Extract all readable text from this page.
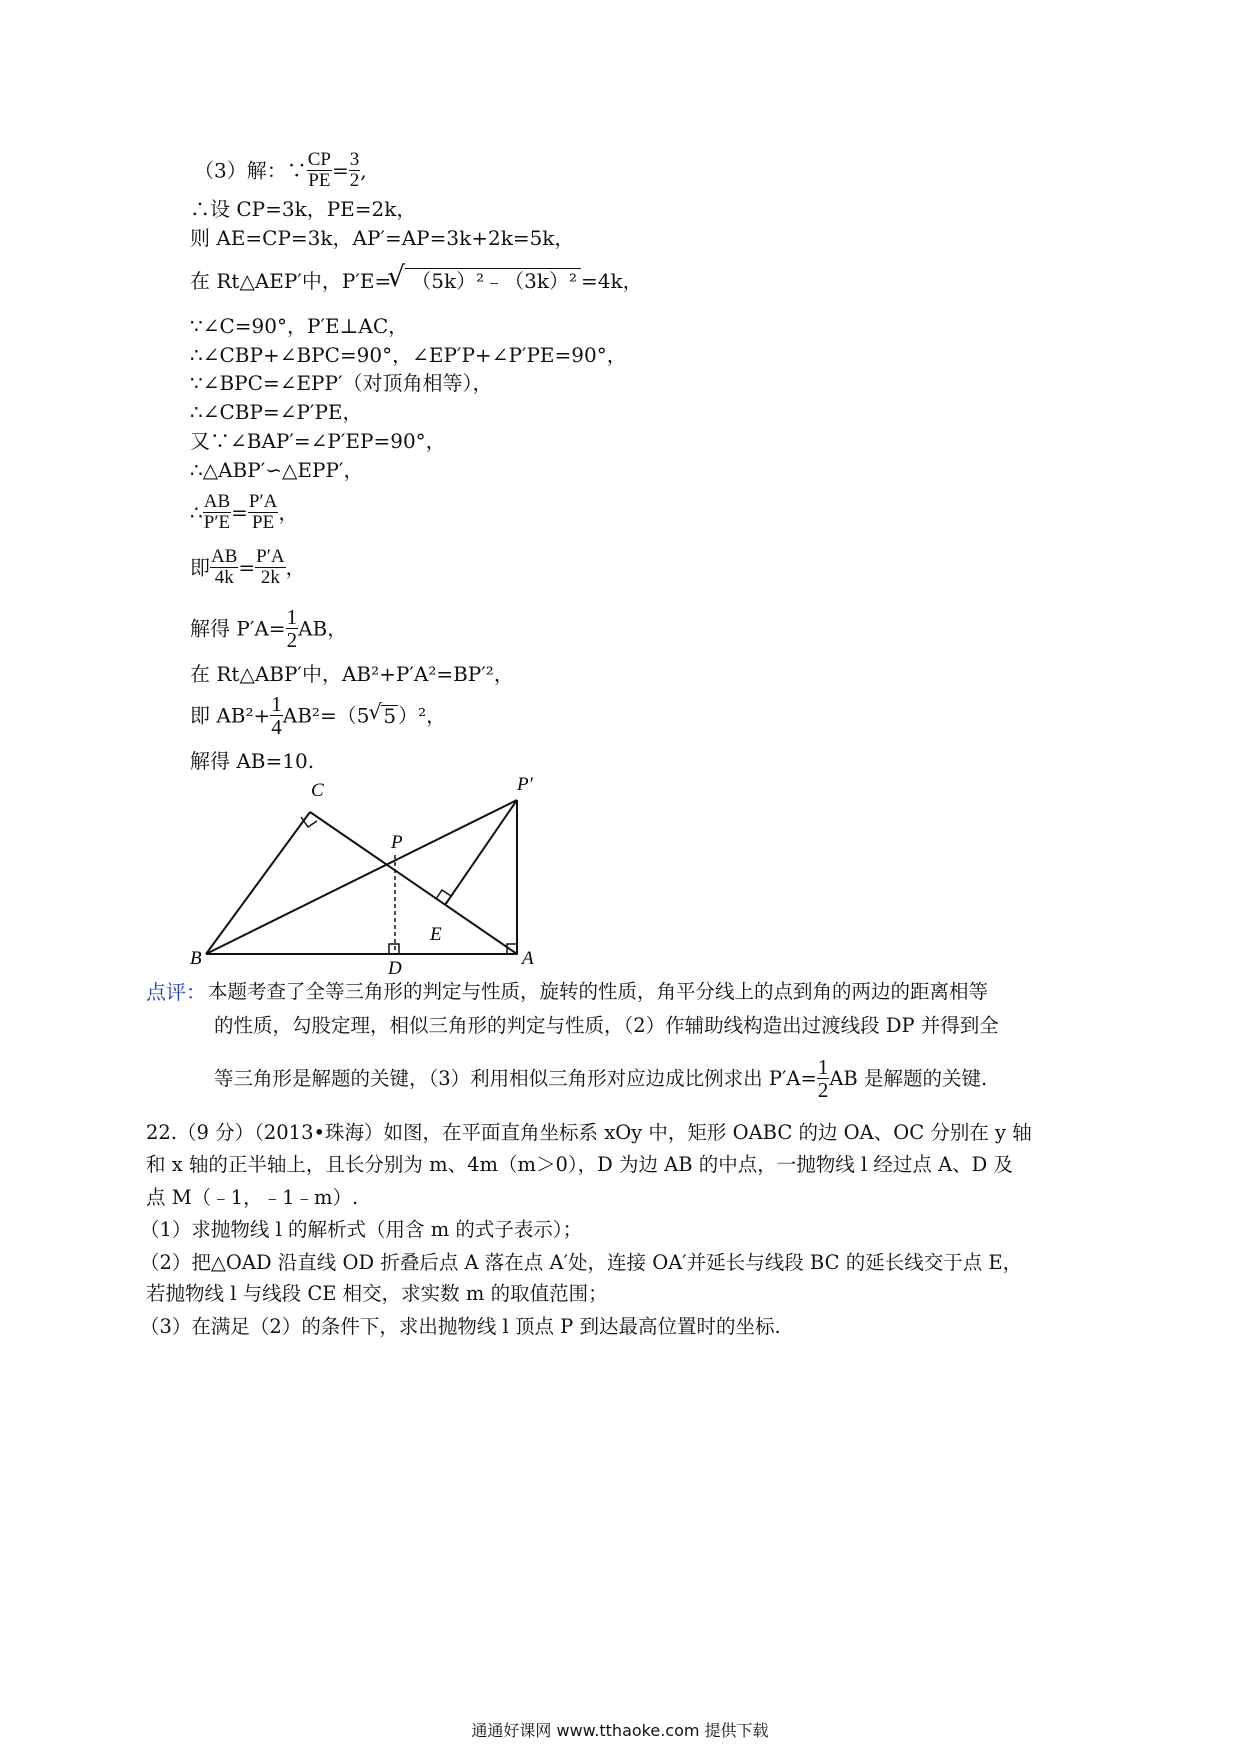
（3）解：∵ $\frac{CP}{PE} = \frac{3}{2}$ ,
∴设 CP=3k，PE=2k，
则 AE=CP=3k，AP′=AP=3k+2k=5k，
在 Rt△AEP′中，P′E=√ （5k）²﹣（3k）² =4k，
∵∠C=90°，P′E⊥AC，
∴∠CBP+∠BPC=90°，∠EP′P+∠P′PE=90°，
∵∠BPC=∠EPP′（对顶角相等），
∴∠CBP=∠P′PE，
又∵∠BAP′=∠P′EP=90°，
∴△ABP′∽△EPP′，
∴ $\frac{AB}{P'E} = \frac{P'A}{PE}$ ，
即 $\frac{AB}{4k} = \frac{P'A}{2k}$ ，
解得 $P'A= \frac{1}{2}$ AB，
在 Rt△ABP′中，AB²+P′A²=BP′²，
即 $AB^2+ \frac{1}{4} AB^2=(5√$ 5 ）²，
解得 AB=10.
C	P′
P
E
B	D	A
点评： 本题考查了全等三角形的判定与性质，旋转的性质，角平分线上的点到角的两边的距离相等
的性质，勾股定理，相似三角形的判定与性质，（2）作辅助线构造出过渡线段 DP 并得到全
等三角形是解题的关键，（3）利用相似三角形对应边成比例求出 $P'A= \frac{1}{2}$ AB 是解题的关键.
22.（9 分）（2013•珠海）如图，在平面直角坐标系 xOy 中，矩形 OABC 的边 OA、OC 分别在 y 轴
和 x 轴的正半轴上，且长分别为 m、4m（m＞0），D 为边 AB 的中点，一抛物线 l 经过点 A、D 及
点 M（﹣1，﹣1﹣m）.
（1）求抛物线 l 的解析式（用含 m 的式子表示）；
（2）把△OAD 沿直线 OD 折叠后点 A 落在点 A′处，连接 OA′并延长与线段 BC 的延长线交于点 E，
若抛物线 l 与线段 CE 相交，求实数 m 的取值范围；
（3）在满足（2）的条件下，求出抛物线 l 顶点 P 到达最高位置时的坐标.
通通好课网 www.tthaoke.com 提供下载
